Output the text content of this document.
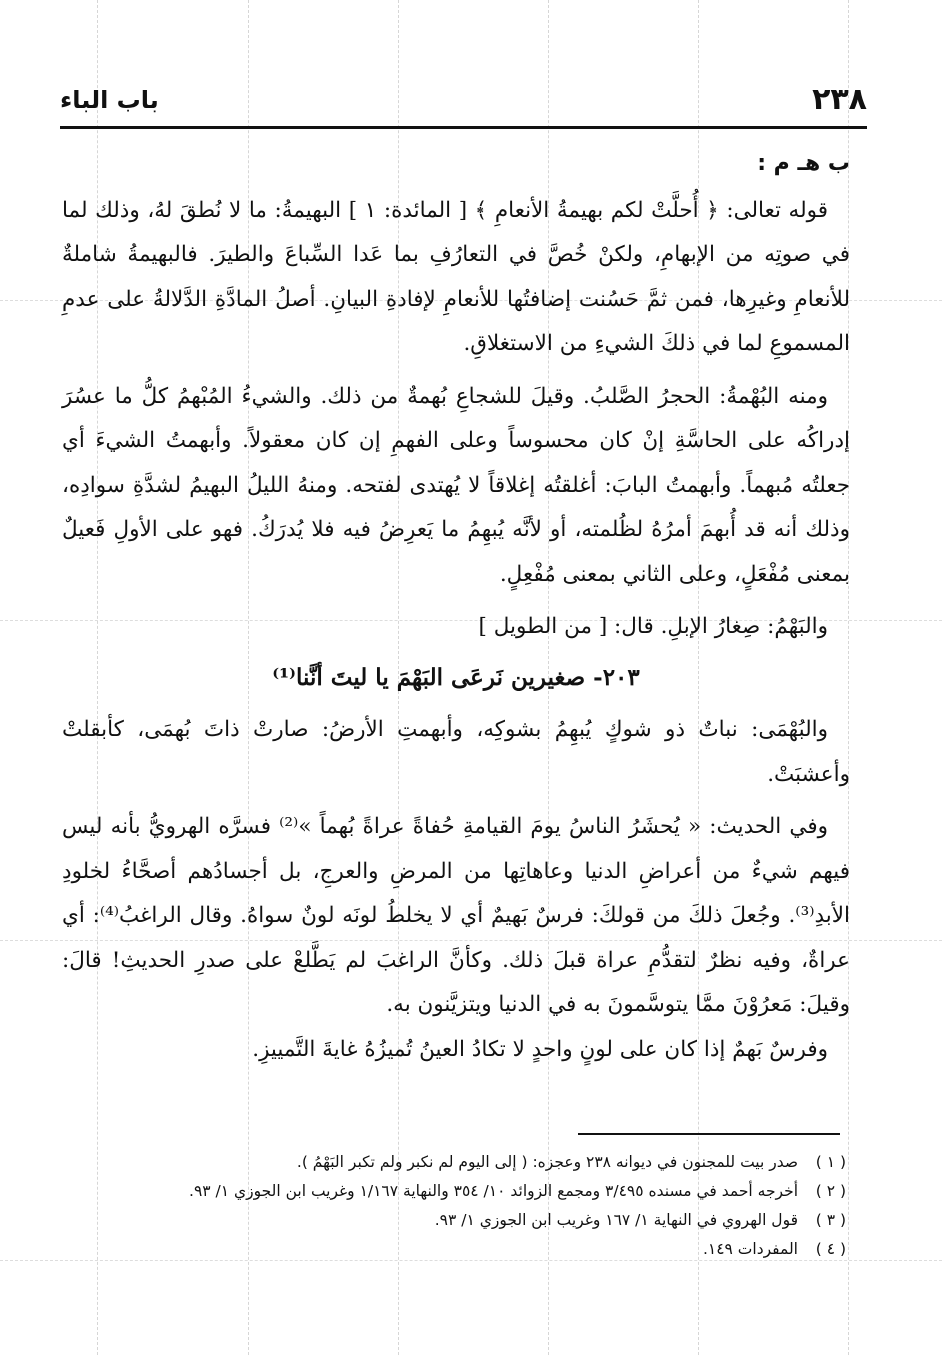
٢٣٨
باب الباء

ب هـ م :

قوله تعالى: ﴿ أُحلَّتْ لكم بهيمةُ الأنعامِ ﴾ [ المائدة: ١ ] البهيمةُ: ما لا نُطقَ لهُ، وذلك لما في صوتِه من الإبهامِ، ولكنْ خُصَّ في التعارُفِ بما عَدا السِّباعَ والطيرَ. فالبهيمةُ شاملةٌ للأنعامِ وغيرِها، فمن ثمَّ حَسُنت إضافتُها للأنعامِ لإفادةِ البيانِ. أصلُ المادَّةِ الدَّلالةُ على عدمِ المسموعِ لما في ذلكَ الشيءِ من الاستغلاقِ.

ومنه البُهْمةُ: الحجرُ الصَّلبُ. وقيلَ للشجاعِ بُهمةٌ من ذلك. والشيءُ المُبْهمُ كلُّ ما عسُرَ إدراكُه على الحاسَّةِ إنْ كان محسوساً وعلى الفهمِ إن كان معقولاً. وأبهمتُ الشيءَ أي جعلتُه مُبهماً. وأبهمتُ البابَ: أغلقتُه إغلاقاً لا يُهتدى لفتحه. ومنهُ الليلُ البهيمُ لشدَّةِ سوادِه، وذلك أنه قد أُبهمَ أمرُهُ لظُلمته، أو لأنَّه يُبهِمُ ما يَعرِضُ فيه فلا يُدرَكُ. فهو على الأولِ فَعيلٌ بمعنى مُفْعَلٍ، وعلى الثاني بمعنى مُفْعِلٍ.

والبَهْمُ: صِغارُ الإبلِ. قال: [ من الطويل ]

٢٠٣- صغيرين نَرعَى البَهْمَ يا ليتَ أنَّنا⁽¹⁾

والبُهْمَى: نباتٌ ذو شوكٍ يُبهِمُ بشوكِه، وأبهمتِ الأرضُ: صارتْ ذاتَ بُهمَى، كأبقلتْ وأعشبَتْ.

وفي الحديث: « يُحشَرُ الناسُ يومَ القيامةِ حُفاةً عراةً بُهماً »⁽²⁾ فسرَّه الهرويُّ بأنه ليس فيهم شيءٌ من أعراضِ الدنيا وعاهاتِها من المرضِ والعرجِ، بل أجسادُهم أصحَّاءُ لخلودِ الأبدِ⁽³⁾. وجُعلَ ذلكَ من قولكَ: فرسٌ بَهيمٌ أي لا يخلطُ لونَه لونٌ سواهُ. وقال الراغبُ⁽⁴⁾: أي عراةٌ، وفيه نظرٌ لتقدُّمِ عراة قبلَ ذلك. وكأنَّ الراغبَ لم يَطَّلعْ على صدرِ الحديثِ! قالَ: وقيلَ: مَعرُوْنَ ممَّا يتوسَّمونَ به في الدنيا ويتزيَّنون به.

وفرسٌ بَهمٌ إذا كان على لونٍ واحدٍ لا تكادُ العينُ تُميزُهُ غايةَ التَّمييزِ.

( ١ )
صدر بيت للمجنون في ديوانه ٢٣٨ وعجزه: ( إلى اليوم لم نكبر ولم تكبر البَهْمُ ).

( ٢ )
أخرجه أحمد في مسنده ٣/٤٩٥ ومجمع الزوائد ١٠/ ٣٥٤ والنهاية ١/١٦٧ وغريب ابن الجوزي ١/ ٩٣.

( ٣ )
قول الهروي في النهاية ١/ ١٦٧ وغريب ابن الجوزي ١/ ٩٣.

( ٤ )
المفردات ١٤٩.
